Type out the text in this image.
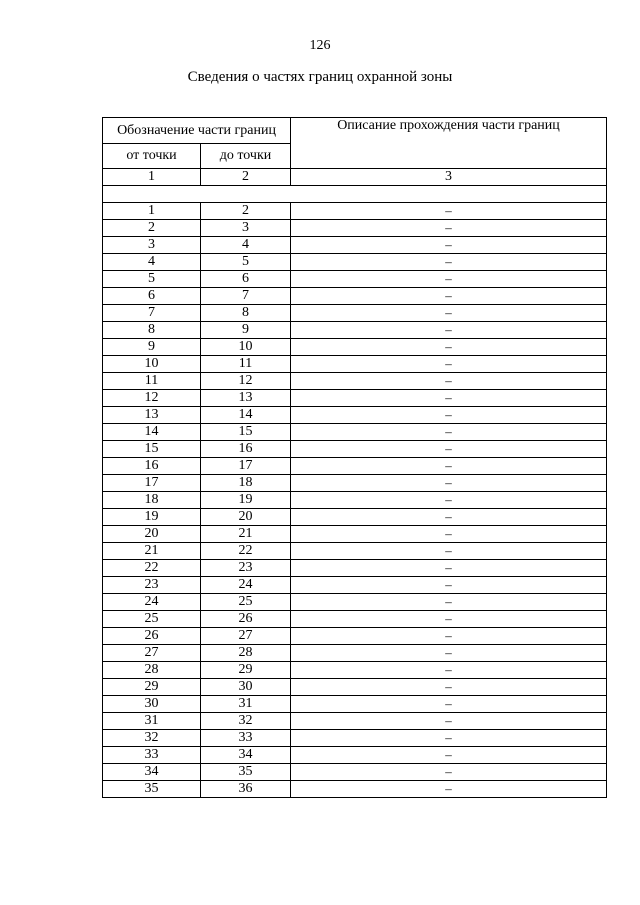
126
Сведения о частях границ охранной зоны
Обозначение части границ		Описание прохождения части границ
от точки	до точки	
1	2	3

1	2	–
2	3	–
3	4	–
4	5	–
5	6	–
6	7	–
7	8	–
8	9	–
9	10	–
10	11	–
11	12	–
12	13	–
13	14	–
14	15	–
15	16	–
16	17	–
17	18	–
18	19	–
19	20	–
20	21	–
21	22	–
22	23	–
23	24	–
24	25	–
25	26	–
26	27	–
27	28	–
28	29	–
29	30	–
30	31	–
31	32	–
32	33	–
33	34	–
34	35	–
35	36	–
